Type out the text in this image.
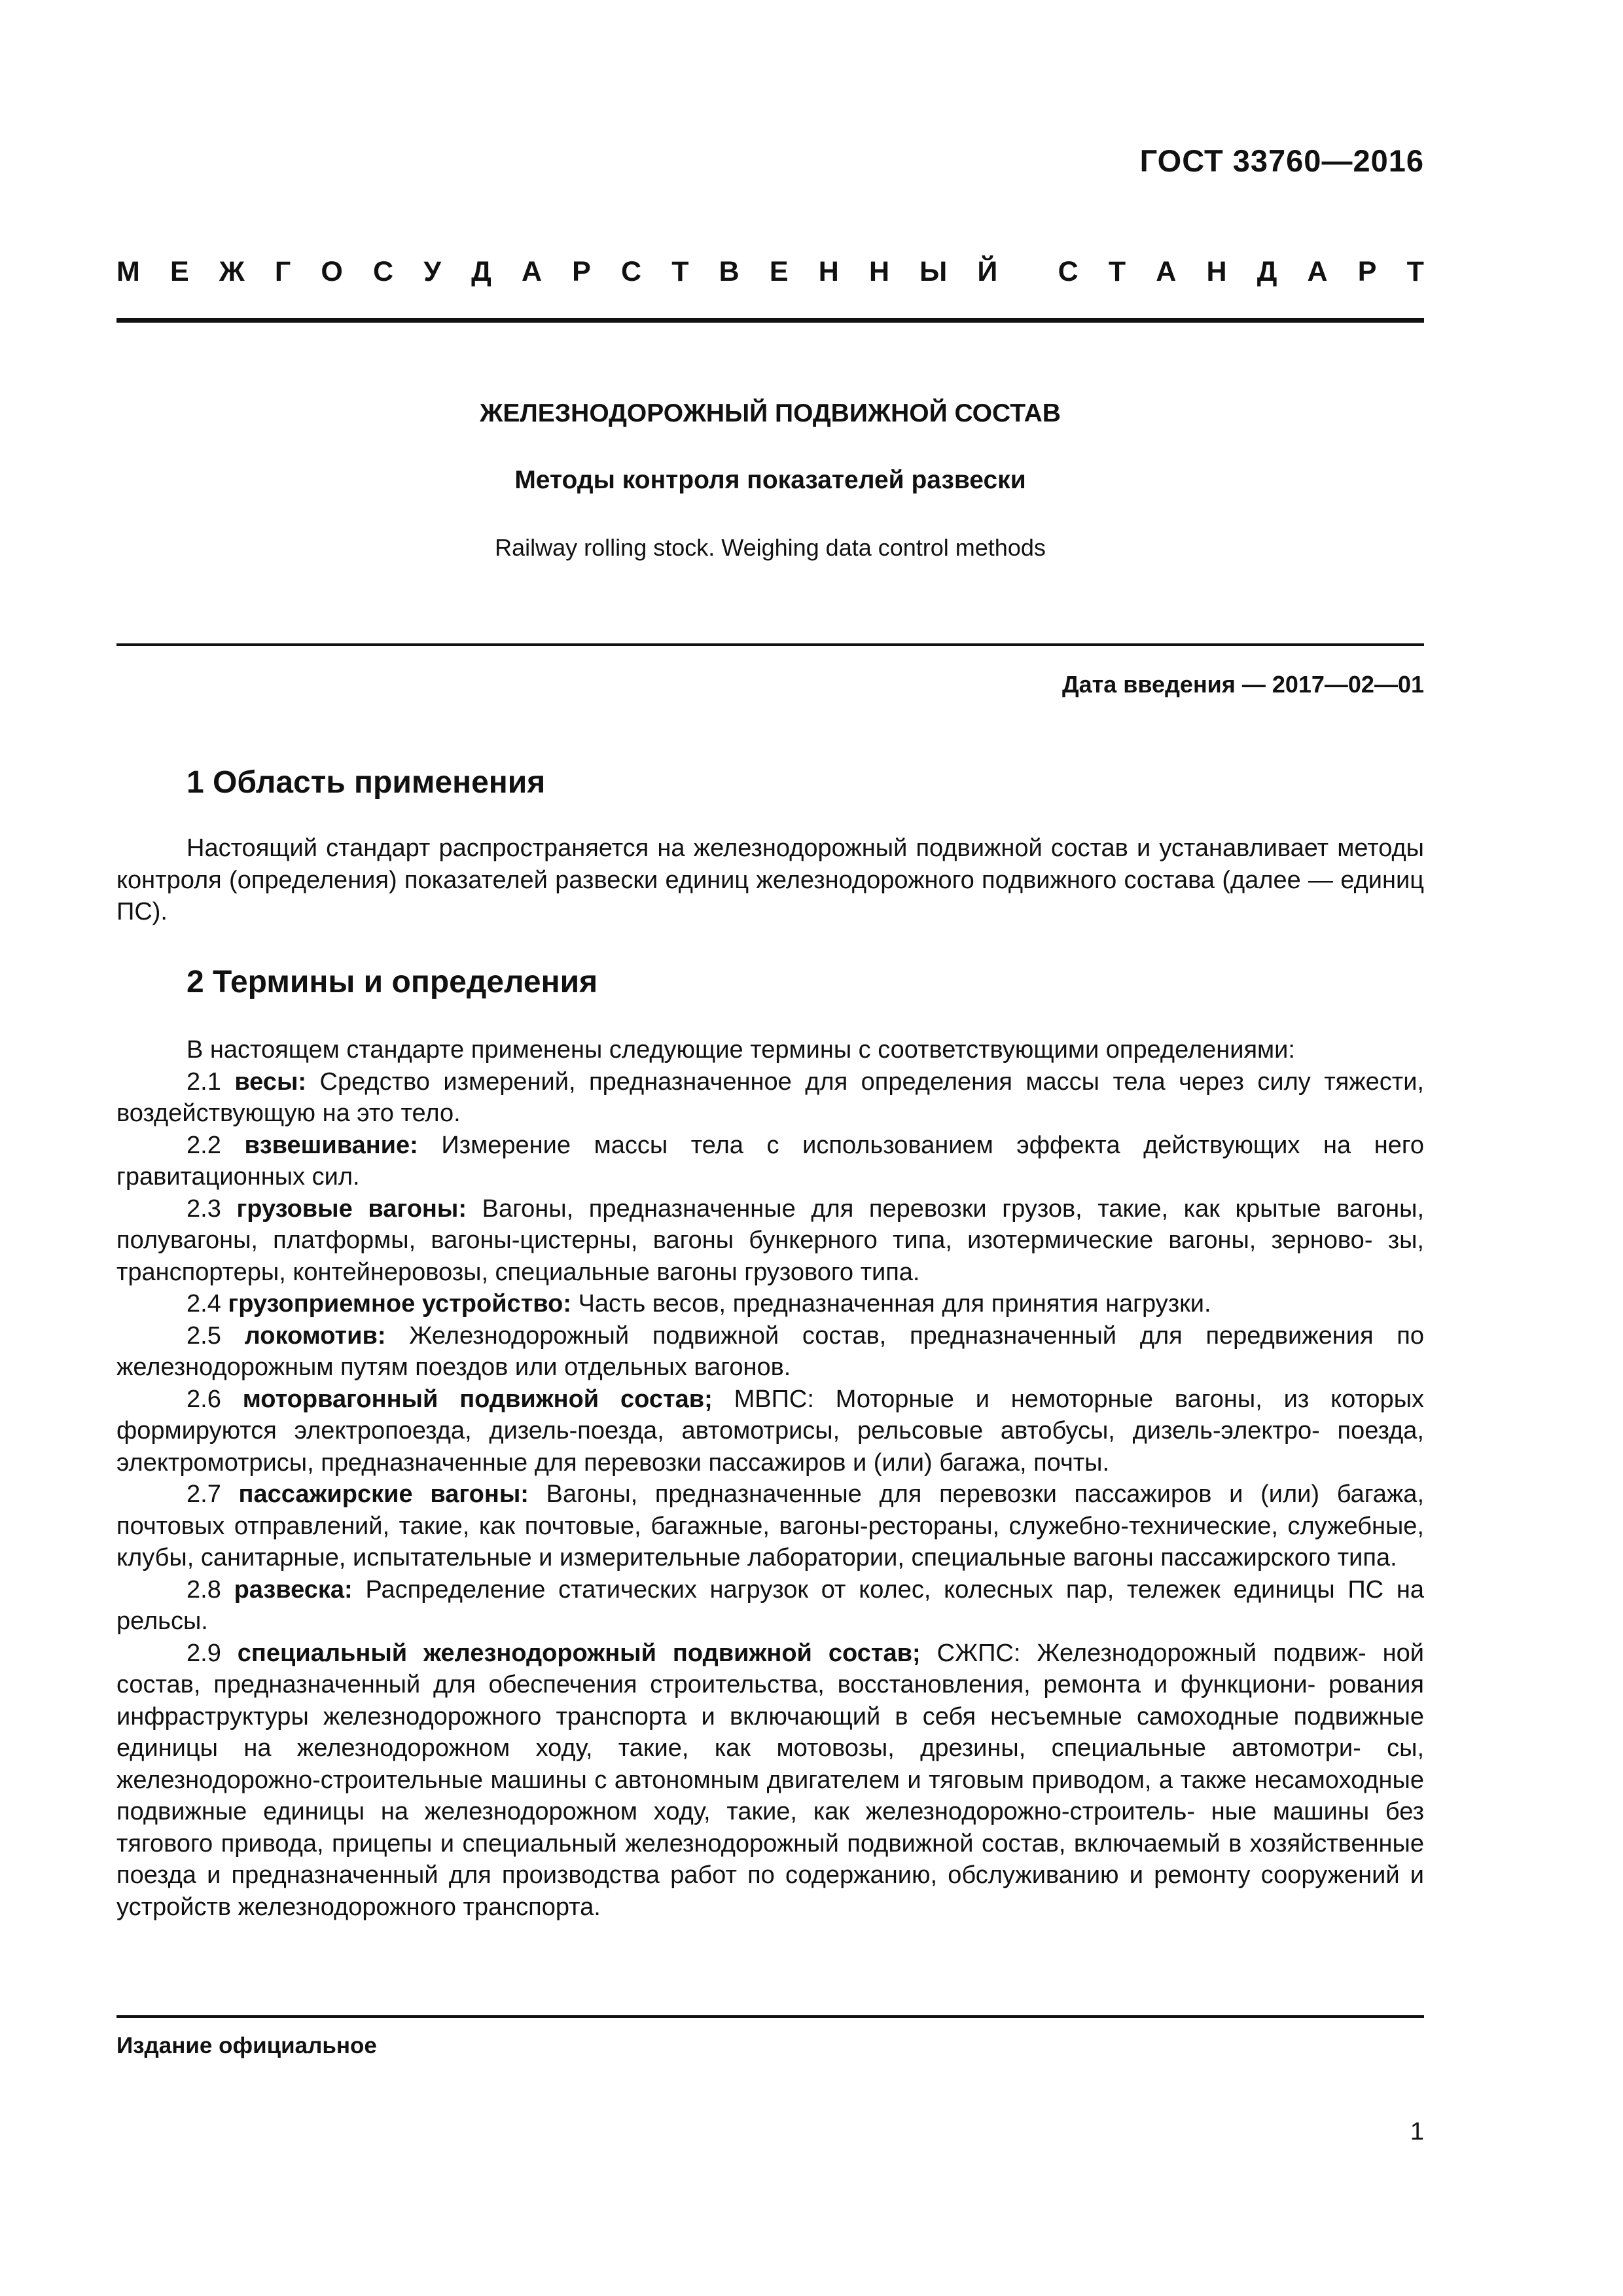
ГОСТ 33760—2016
М Е Ж Г О С У Д А Р С Т В Е Н Н Ы Й С Т А Н Д А Р Т
ЖЕЛЕЗНОДОРОЖНЫЙ ПОДВИЖНОЙ СОСТАВ
Методы контроля показателей развески
Railway rolling stock. Weighing data control methods
Дата введения — 2017—02—01
1 Область применения

Настоящий стандарт распространяется на железнодорожный подвижной состав и устанавливает методы контроля (определения) показателей развески единиц железнодорожного подвижного состава (далее — единиц ПС).

2 Термины и определения

В настоящем стандарте применены следующие термины с соответствующими определениями:

2.1 весы: Средство измерений, предназначенное для определения массы тела через силу тяжести, воздействующую на это тело.

2.2 взвешивание: Измерение массы тела с использованием эффекта действующих на него гравитационных сил.

2.3 грузовые вагоны: Вагоны, предназначенные для перевозки грузов, такие, как крытые вагоны, полувагоны, платформы, вагоны-цистерны, вагоны бункерного типа, изотермические вагоны, зерново- зы, транспортеры, контейнеровозы, специальные вагоны грузового типа.

2.4 грузоприемное устройство: Часть весов, предназначенная для принятия нагрузки.

2.5 локомотив: Железнодорожный подвижной состав, предназначенный для передвижения по железнодорожным путям поездов или отдельных вагонов.

2.6 моторвагонный подвижной состав; МВПС: Моторные и немоторные вагоны, из которых формируются электропоезда, дизель-поезда, автомотрисы, рельсовые автобусы, дизель-электро- поезда, электромотрисы, предназначенные для перевозки пассажиров и (или) багажа, почты.

2.7 пассажирские вагоны: Вагоны, предназначенные для перевозки пассажиров и (или) багажа, почтовых отправлений, такие, как почтовые, багажные, вагоны-рестораны, служебно-технические, служебные, клубы, санитарные, испытательные и измерительные лаборатории, специальные вагоны пассажирского типа.

2.8 развеска: Распределение статических нагрузок от колес, колесных пар, тележек единицы ПС на рельсы.

2.9 специальный железнодорожный подвижной состав; СЖПС: Железнодорожный подвиж- ной состав, предназначенный для обеспечения строительства, восстановления, ремонта и функциони- рования инфраструктуры железнодорожного транспорта и включающий в себя несъемные самоходные подвижные единицы на железнодорожном ходу, такие, как мотовозы, дрезины, специальные автомотри- сы, железнодорожно-строительные машины с автономным двигателем и тяговым приводом, а также несамоходные подвижные единицы на железнодорожном ходу, такие, как железнодорожно-строитель- ные машины без тягового привода, прицепы и специальный железнодорожный подвижной состав, включаемый в хозяйственные поезда и предназначенный для производства работ по содержанию, обслуживанию и ремонту сооружений и устройств железнодорожного транспорта.

Издание официальное
1
